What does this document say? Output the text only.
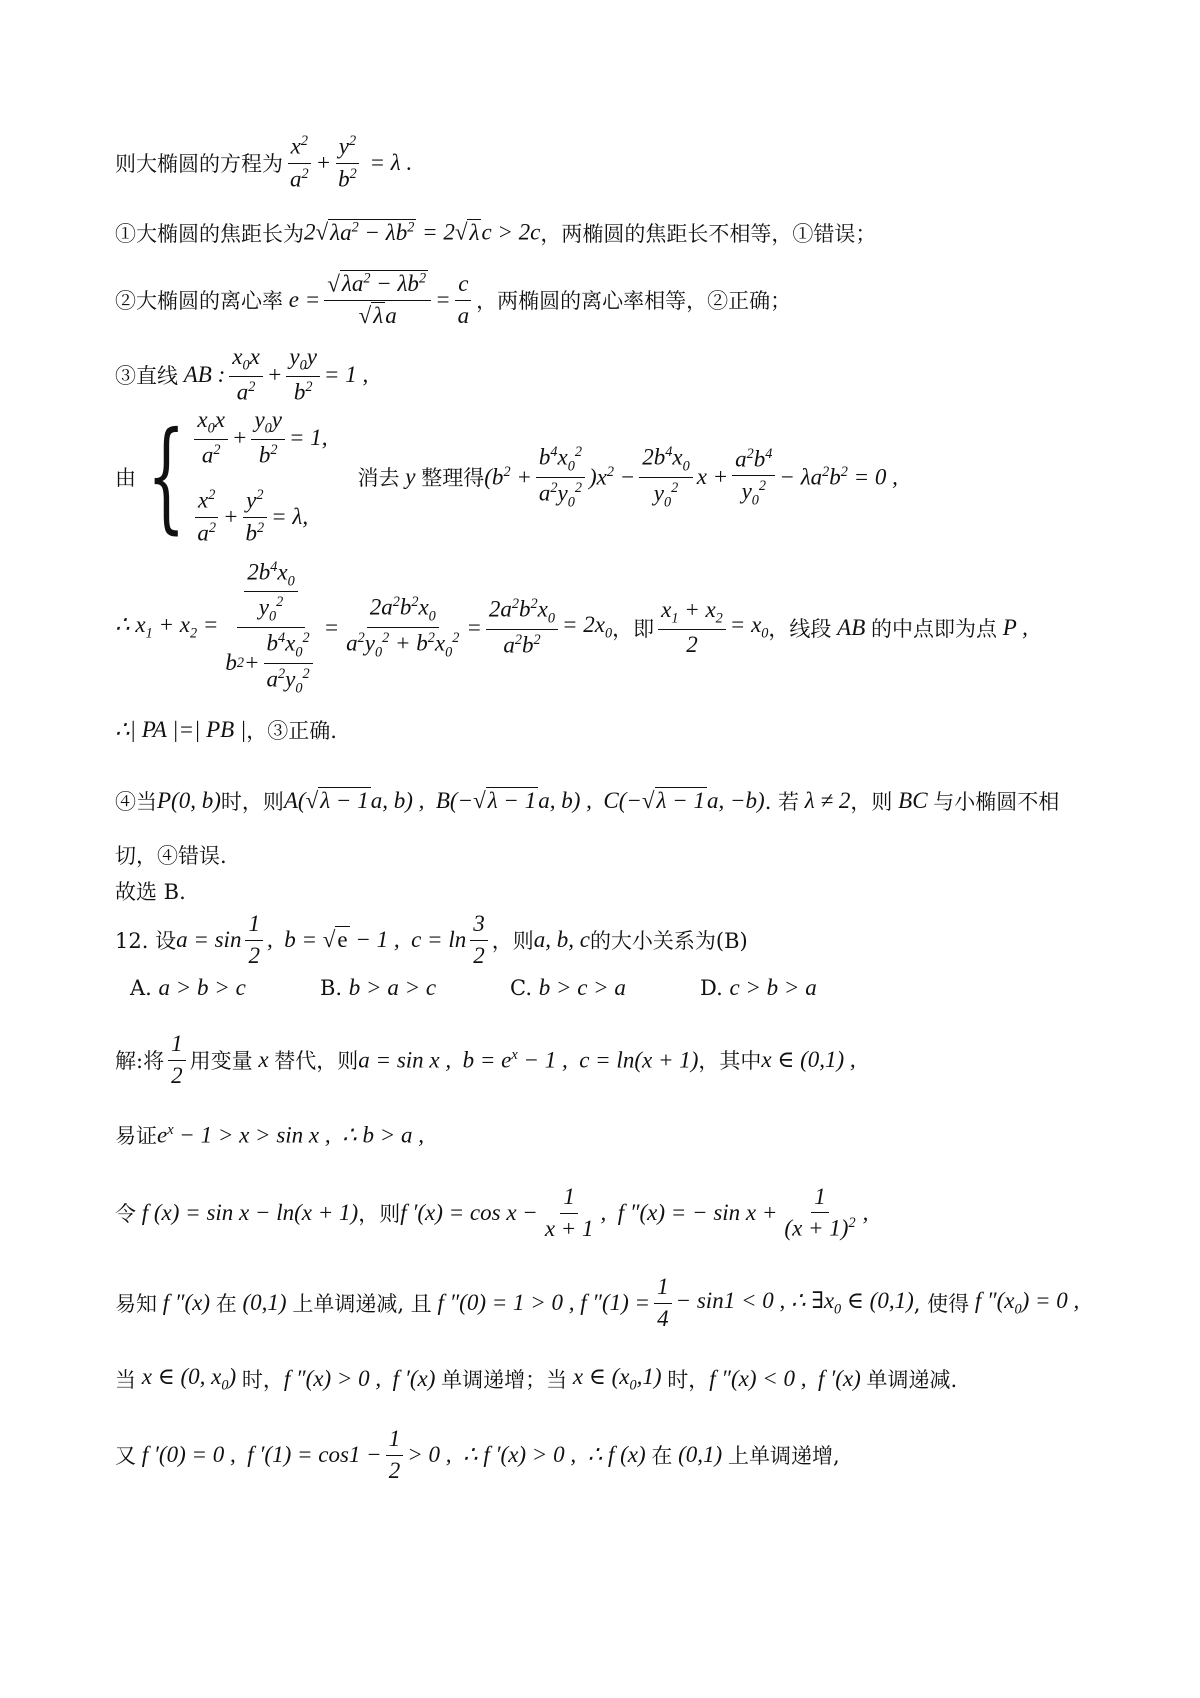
则大椭圆的方程为 $\frac{x^2}{a^2} + \frac{y^2}{b^2} = \lambda$ .
①大椭圆的焦距长为 $2√\lambda a^2 - \lambda b^2 = 2√\lambda c > 2c$ ，两椭圆的焦距长不相等，①错误；
②大椭圆的离心率 $e = \frac{√\lambda a^2 - \lambda b^2}{√\lambda a} = \frac{c}{a}$ ，两椭圆的离心率相等，②正确；
③直线 AB : $\frac{x_0x}{a^2} + \frac{y_0y}{b^2} = 1$ ,
由 { $\frac{x_0x}{a^2} + \frac{y_0y}{b^2} = 1$,
$\frac{x^2}{a^2} + \frac{y^2}{b^2} = \lambda$,
消去 y 整理得 $(b^2 + \frac{b^4x_0^2}{a^2y_0^2} )x^2 - \frac{2b^4x_0}{y_0^2}$ $x + \frac{a^2b^4}{y_0^2} - \lambda a^2b^2 = 0$ ,
∴ $x_1 + x_2 = \frac{\frac{2b^4x_0}{y_0^2}}{b 2 + \frac{b^4x_0^2}{a^2y_0^2}} = \frac{2a^2b^2x_0}{a^2y_0^2 + b^2x_0^2} = \frac{2a^2b^2x_0}{a^2b^2} = 2x_0$ ，即 $\frac{x_1 + x_2}{2} = x_0$ ，线段 AB 的中点即为点 P ,
∴| PA |=| PB | ，③正确.
④当 P(0, b) 时，则 A(√λ − 1a, b) ,  B(−√λ − 1a, b) ,  C(−√λ − 1a, −b) . 若 λ ≠ 2 ，则 BC 与小椭圆不相
切，④错误.
故选 B.
12. 设 $a = \sin \frac{1}{2}$ ,  b = √e − 1 ,  $c = \ln \frac{3}{2}$ ，则 a, b, c 的大小关系为(B)
A. a > b > c	B. b > a > c	C. b > c > a	D. c > b > a
解:将 $\frac{1}{2}$ 用变量 x 替代，则 a = sin x ,  $b = e^x - 1$ ,  c = ln(x + 1) ，其中 x ∈ (0,1) ,
易证 $e^x - 1 > x > \sin x$ ,  ∴ b > a ,
令 f (x) = sin x − ln(x + 1) ，则 f $'(x) = \cos x - \frac{1}{x + 1}$ ,  f ″(x) = − $\sin x + \frac{1}{(x + 1)^2}$ ,
易知 f ″(x) 在 (0,1) 上单调递减, 且 f ″(0) = 1 > 0 , f $''(1) = \frac{1}{4} - \sin 1 < 0$ , ∴ $\exists x_0$ ∈ (0,1) , 使得 f $''(x_0) = 0$ ,
当 x ∈ (0, $x_0$) 时， f ″(x) > 0 ,  f ′(x) 单调递增；当 x ∈ $(x_0,1)$ 时， f ″(x) < 0 ,  f ′(x) 单调递减.
又 f ′(0) = 0 ,  f $'(1) = \cos 1 - \frac{1}{2} > 0$ ,  ∴ f ′(x) > 0 ,  ∴ f (x) 在 (0,1) 上单调递增,
